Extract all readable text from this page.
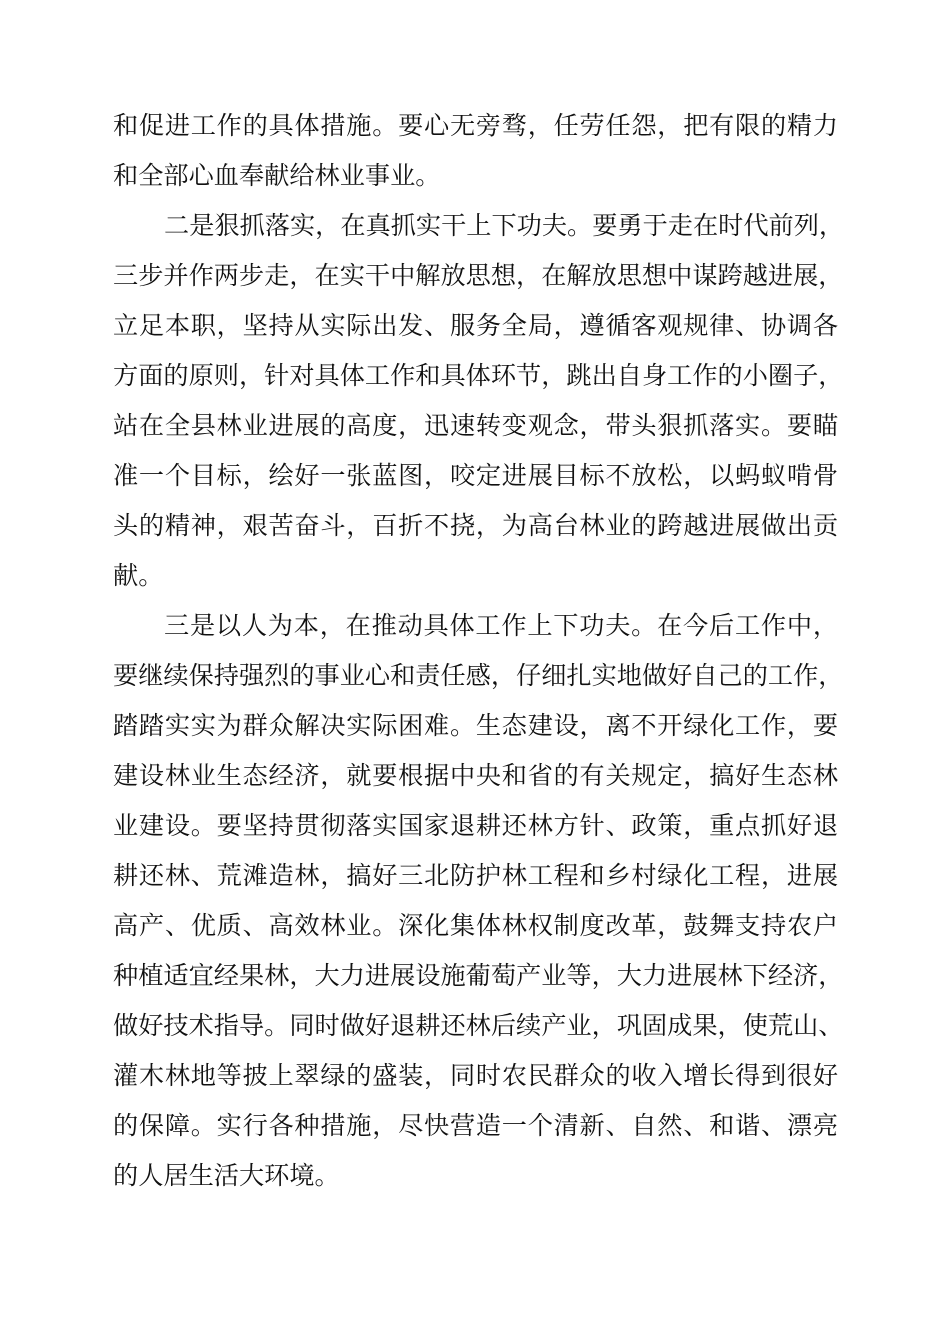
和促进工作的具体措施。要心无旁骛，任劳任怨，把有限的精力

和全部心血奉献给林业事业。

二是狠抓落实，在真抓实干上下功夫。要勇于走在时代前列，

三步并作两步走，在实干中解放思想，在解放思想中谋跨越进展，

立足本职，坚持从实际出发、服务全局，遵循客观规律、协调各

方面的原则，针对具体工作和具体环节，跳出自身工作的小圈子，

站在全县林业进展的高度，迅速转变观念，带头狠抓落实。要瞄

准一个目标，绘好一张蓝图，咬定进展目标不放松，以蚂蚁啃骨

头的精神，艰苦奋斗，百折不挠，为高台林业的跨越进展做出贡

献。

三是以人为本，在推动具体工作上下功夫。在今后工作中，

要继续保持强烈的事业心和责任感，仔细扎实地做好自己的工作，

踏踏实实为群众解决实际困难。生态建设，离不开绿化工作，要

建设林业生态经济，就要根据中央和省的有关规定，搞好生态林

业建设。要坚持贯彻落实国家退耕还林方针、政策，重点抓好退

耕还林、荒滩造林，搞好三北防护林工程和乡村绿化工程，进展

高产、优质、高效林业。深化集体林权制度改革，鼓舞支持农户

种植适宜经果林，大力进展设施葡萄产业等，大力进展林下经济，

做好技术指导。同时做好退耕还林后续产业，巩固成果，使荒山、

灌木林地等披上翠绿的盛装，同时农民群众的收入增长得到很好

的保障。实行各种措施，尽快营造一个清新、自然、和谐、漂亮

的人居生活大环境。
